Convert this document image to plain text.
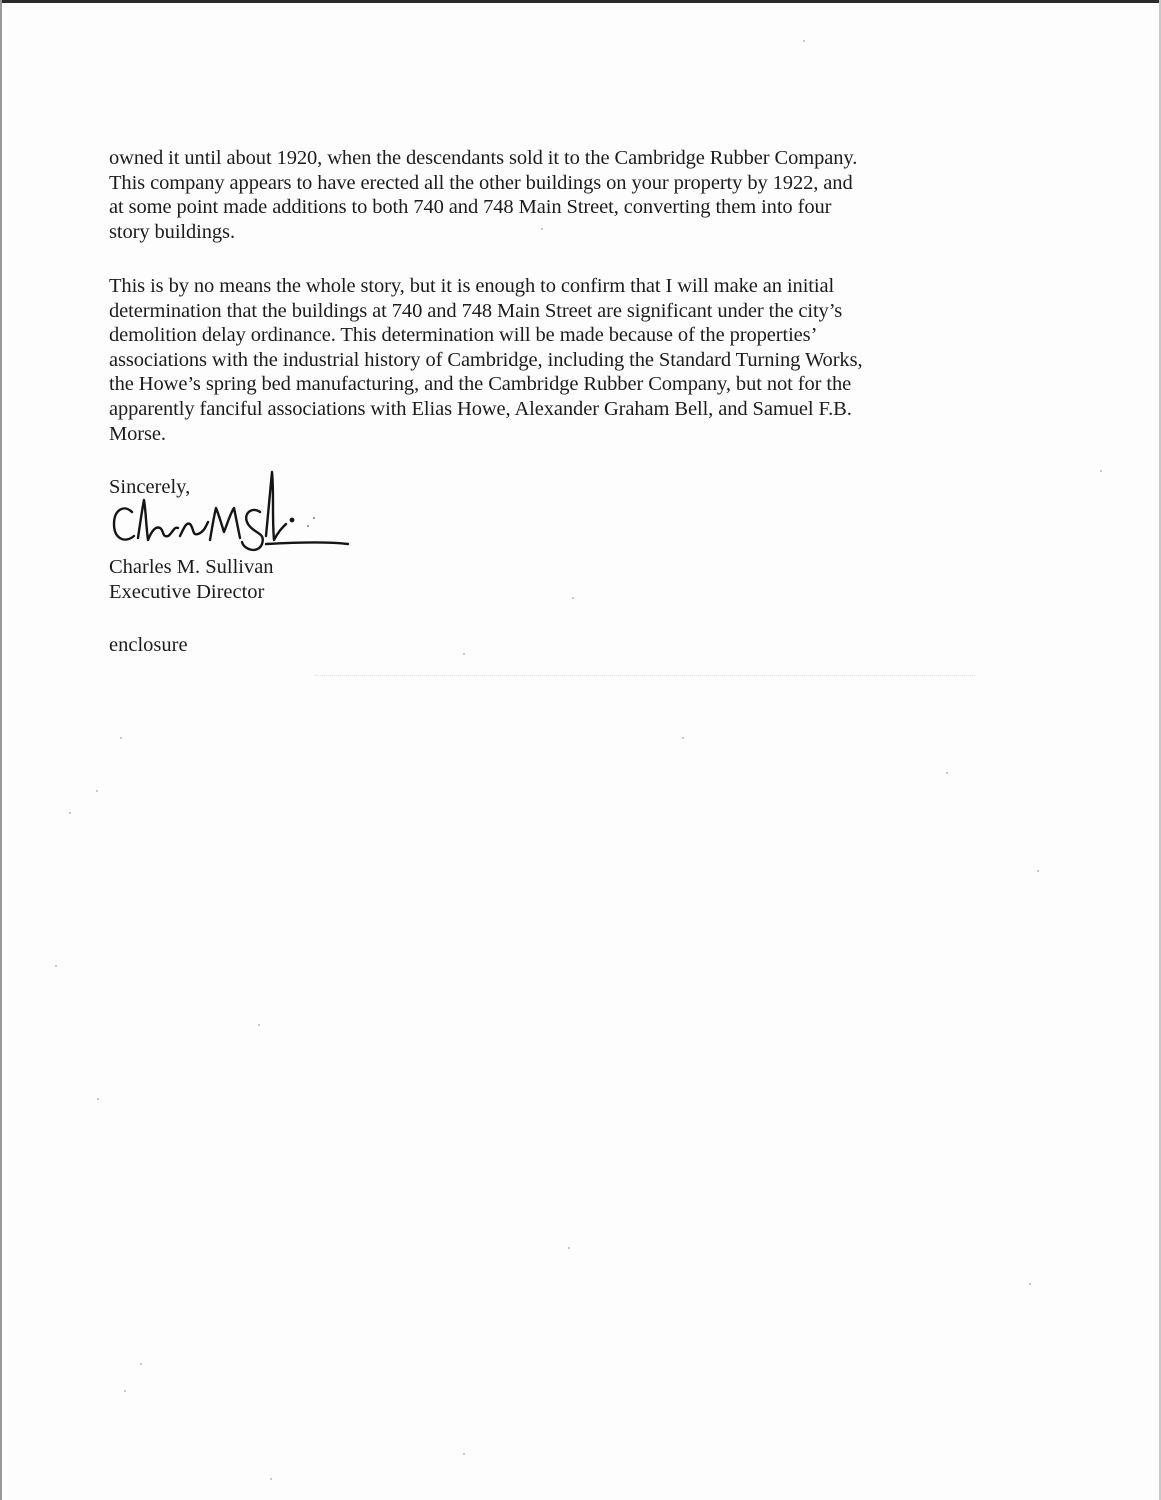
owned it until about 1920, when the descendants sold it to the Cambridge Rubber Company.
This company appears to have erected all the other buildings on your property by 1922, and
at some point made additions to both 740 and 748 Main Street, converting them into four
story buildings.

This is by no means the whole story, but it is enough to confirm that I will make an initial
determination that the buildings at 740 and 748 Main Street are significant under the city’s
demolition delay ordinance. This determination will be made because of the properties’
associations with the industrial history of Cambridge, including the Standard Turning Works,
the Howe’s spring bed manufacturing, and the Cambridge Rubber Company, but not for the
apparently fanciful associations with Elias Howe, Alexander Graham Bell, and Samuel F.B.
Morse.

Sincerely,

Charles M. Sullivan

Executive Director

enclosure
